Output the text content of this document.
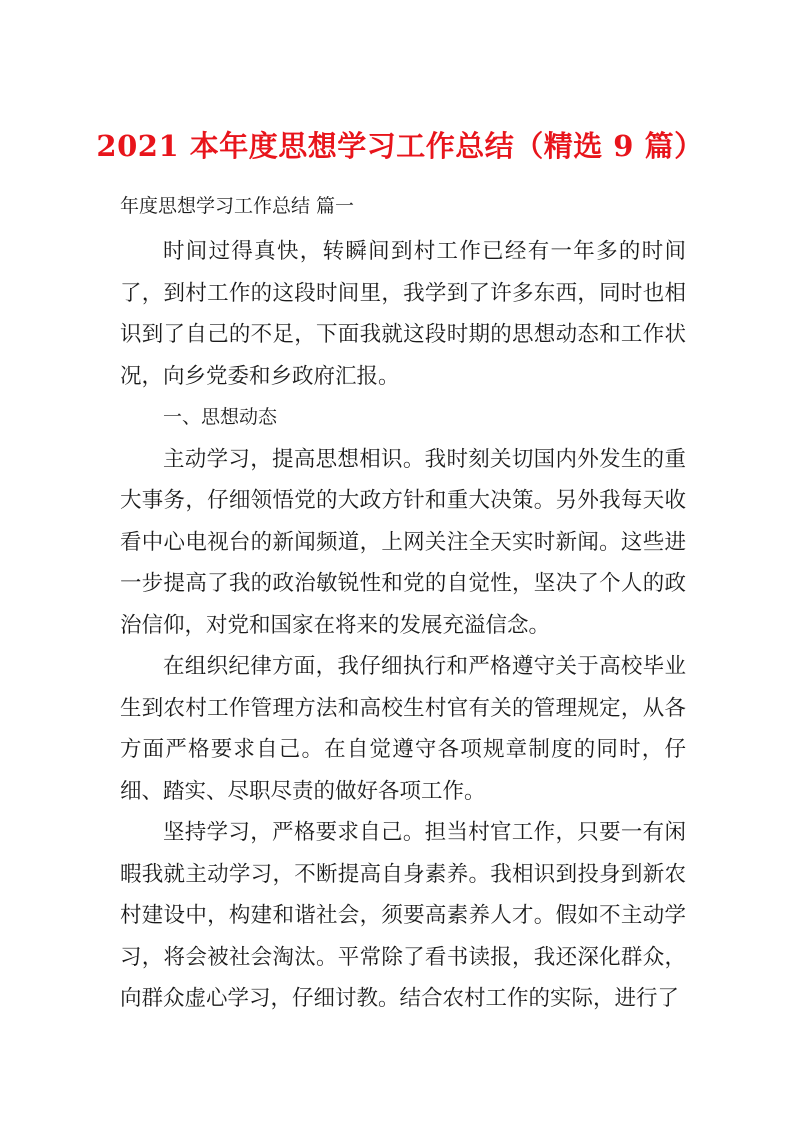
2021 本年度思想学习工作总结（精选 9 篇）

年度思想学习工作总结 篇一

时间过得真快，转瞬间到村工作已经有一年多的时间了，到村工作的这段时间里，我学到了许多东西，同时也相识到了自己的不足，下面我就这段时期的思想动态和工作状况，向乡党委和乡政府汇报。

一、思想动态

主动学习，提高思想相识。我时刻关切国内外发生的重大事务，仔细领悟党的大政方针和重大决策。另外我每天收看中心电视台的新闻频道，上网关注全天实时新闻。这些进一步提高了我的政治敏锐性和党的自觉性，坚决了个人的政治信仰，对党和国家在将来的发展充溢信念。

在组织纪律方面，我仔细执行和严格遵守关于高校毕业生到农村工作管理方法和高校生村官有关的管理规定，从各方面严格要求自己。在自觉遵守各项规章制度的同时，仔细、踏实、尽职尽责的做好各项工作。

坚持学习，严格要求自己。担当村官工作，只要一有闲暇我就主动学习，不断提高自身素养。我相识到投身到新农村建设中，构建和谐社会，须要高素养人才。假如不主动学习，将会被社会淘汰。平常除了看书读报，我还深化群众，向群众虚心学习，仔细讨教。结合农村工作的实际，进行了
